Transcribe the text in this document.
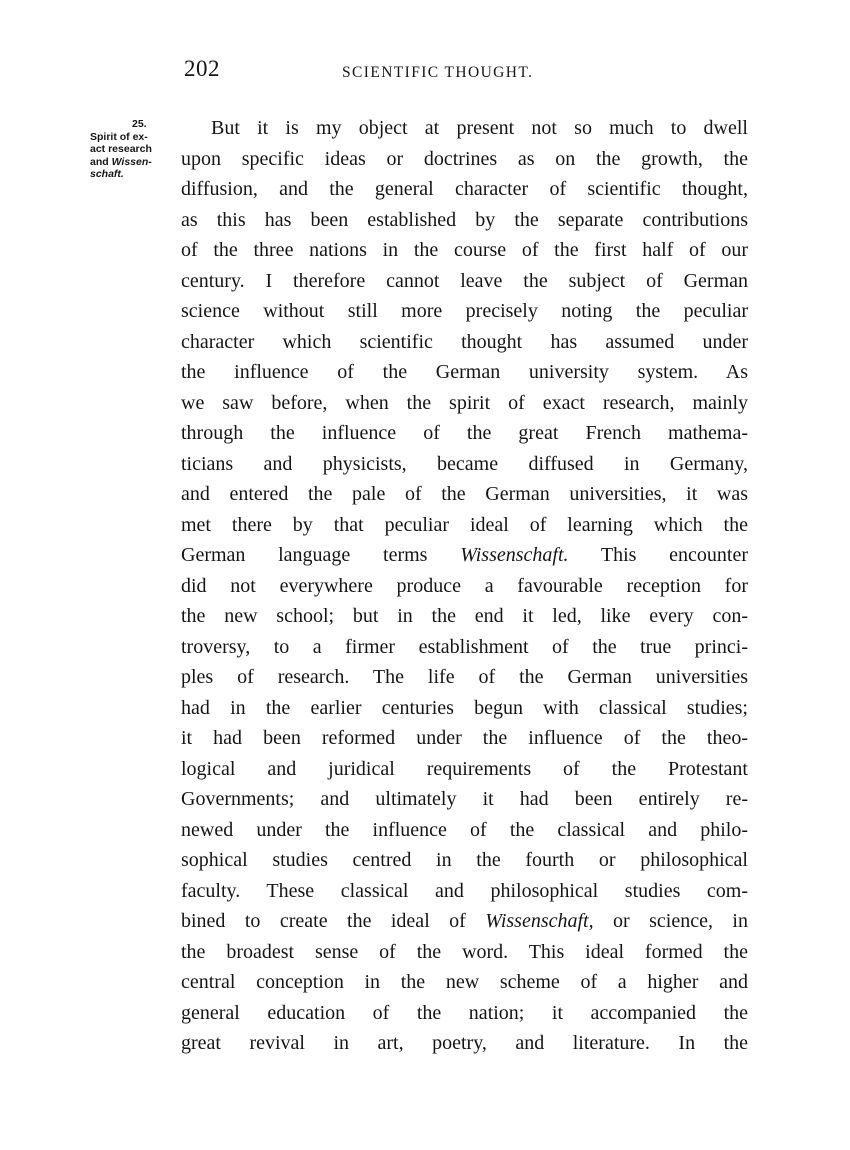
202	SCIENTIFIC THOUGHT.
25.
Spirit of ex-
act research
and Wissen-
schaft.
But it is my object at present not so much to dwell
upon specific ideas or doctrines as on the growth, the
diffusion, and the general character of scientific thought,
as this has been established by the separate contributions
of the three nations in the course of the first half of our
century. I therefore cannot leave the subject of German
science without still more precisely noting the peculiar
character which scientific thought has assumed under
the influence of the German university system. As
we saw before, when the spirit of exact research, mainly
through the influence of the great French mathema-
ticians and physicists, became diffused in Germany,
and entered the pale of the German universities, it was
met there by that peculiar ideal of learning which the
German language terms Wissenschaft. This encounter
did not everywhere produce a favourable reception for
the new school; but in the end it led, like every con-
troversy, to a firmer establishment of the true princi-
ples of research. The life of the German universities
had in the earlier centuries begun with classical studies;
it had been reformed under the influence of the theo-
logical and juridical requirements of the Protestant
Governments; and ultimately it had been entirely re-
newed under the influence of the classical and philo-
sophical studies centred in the fourth or philosophical
faculty. These classical and philosophical studies com-
bined to create the ideal of Wissenschaft, or science, in
the broadest sense of the word. This ideal formed the
central conception in the new scheme of a higher and
general education of the nation; it accompanied the
great revival in art, poetry, and literature. In the
